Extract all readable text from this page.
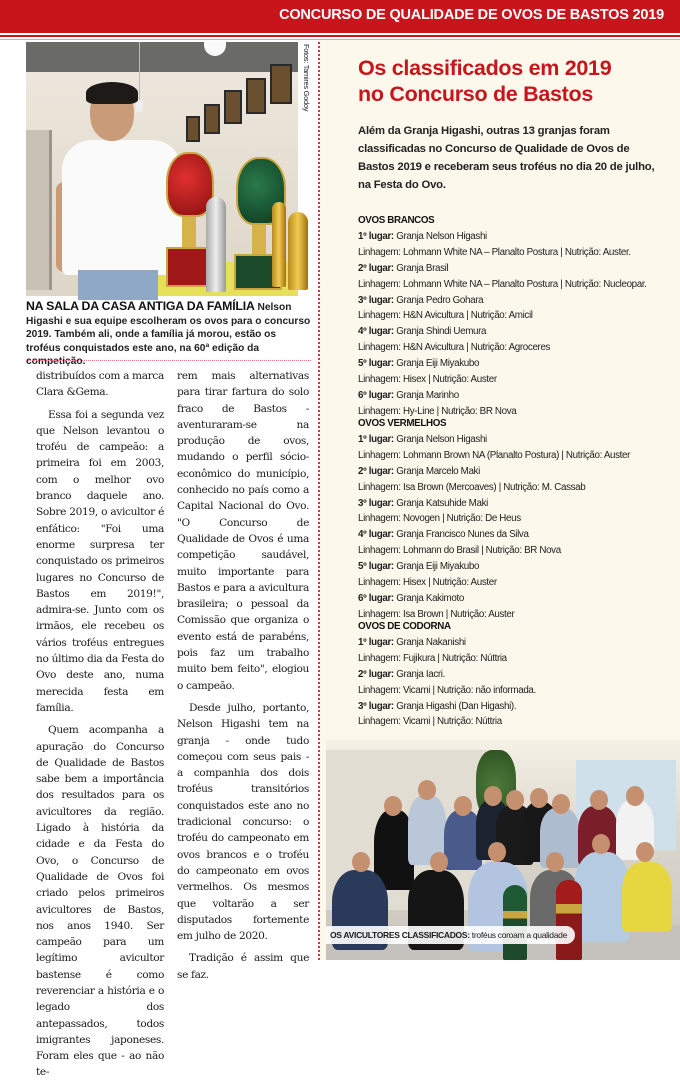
CONCURSO DE QUALIDADE DE OVOS DE BASTOS 2019
Fotos: Tamires Godoy
NA SALA DA CASA ANTIGA DA FAMÍLIA Nelson Higashi e sua equipe escolheram os ovos para o concurso 2019. Também ali, onde a família já morou, estão os troféus conquistados este ano, na 60ª edição da competição.

distribuídos com a marca Clara &Gema.

Essa foi a segunda vez que Nelson levantou o troféu de campeão: a primeira foi em 2003, com o melhor ovo branco daquele ano. Sobre 2019, o avicultor é enfático: "Foi uma enorme surpresa ter conquistado os primeiros lugares no Concurso de Bastos em 2019!", admira-se. Junto com os irmãos, ele recebeu os vários troféus entregues no último dia da Festa do Ovo deste ano, numa merecida festa em família.

Quem acompanha a apuração do Concurso de Qualidade de Bastos sabe bem a importância dos resultados para os avicultores da região. Ligado à história da cidade e da Festa do Ovo, o Concurso de Qualidade de Ovos foi criado pelos primeiros avicultores de Bastos, nos anos 1940. Ser campeão para um legítimo avicultor bastense é como reverenciar a história e o legado dos antepassados, todos imigrantes japoneses. Foram eles que - ao não te-

rem mais alternativas para tirar fartura do solo fraco de Bastos - aventuraram-se na produção de ovos, mudando o perfil sócio-econômico do município, conhecido no país como a Capital Nacional do Ovo. "O Concurso de Qualidade de Ovos é uma competição saudável, muito importante para Bastos e para a avicultura brasileira; o pessoal da Comissão que organiza o evento está de parabéns, pois faz um trabalho muito bem feito", elogiou o campeão.

Desde julho, portanto, Nelson Higashi tem na granja - onde tudo começou com seus pais - a companhia dos dois troféus transitórios conquistados este ano no tradicional concurso: o troféu do campeonato em ovos brancos e o troféu do campeonato em ovos vermelhos. Os mesmos que voltarão a ser disputados fortemente em julho de 2020.

Tradição é assim que se faz.

Os classificados em 2019
no Concurso de Bastos
Além da Granja Higashi, outras 13 granjas foram classificadas no Concurso de Qualidade de Ovos de Bastos 2019 e receberam seus troféus no dia 20 de julho, na Festa do Ovo.
OVOS BRANCOS
1º lugar: Granja Nelson Higashi
Linhagem: Lohmann White NA – Planalto Postura | Nutrição: Auster.
2º lugar: Granja Brasil
Linhagem: Lohmann White NA – Planalto Postura | Nutrição: Nucleopar.
3º lugar: Granja Pedro Gohara
Linhagem: H&N Avicultura | Nutrição: Amicil
4º lugar: Granja Shindi Uemura
Linhagem: H&N Avicultura | Nutrição: Agroceres
5º lugar: Granja Eiji Miyakubo
Linhagem: Hisex | Nutrição: Auster
6º lugar: Granja Marinho
Linhagem: Hy-Line | Nutrição: BR Nova
OVOS VERMELHOS
1º lugar: Granja Nelson Higashi
Linhagem: Lohmann Brown NA (Planalto Postura) | Nutrição: Auster
2º lugar: Granja Marcelo Maki
Linhagem: Isa Brown (Mercoaves) | Nutrição: M. Cassab
3º lugar: Granja Katsuhide Maki
Linhagem: Novogen | Nutrição: De Heus
4º lugar: Granja Francisco Nunes da Silva
Linhagem: Lohmann do Brasil | Nutrição: BR Nova
5º lugar: Granja Eiji Miyakubo
Linhagem: Hisex | Nutrição: Auster
6º lugar: Granja Kakimoto
Linhagem: Isa Brown | Nutrição: Auster
OVOS DE CODORNA
1º lugar: Granja Nakanishi
Linhagem: Fujikura | Nutrição: Núttria
2º lugar: Granja Iacri.
Linhagem: Vicami | Nutrição: não informada.
3º lugar: Granja Higashi (Dan Higashi).
Linhagem: Vicami | Nutrição: Núttria
OS AVICULTORES CLASSIFICADOS: troféus coroam a qualidade
